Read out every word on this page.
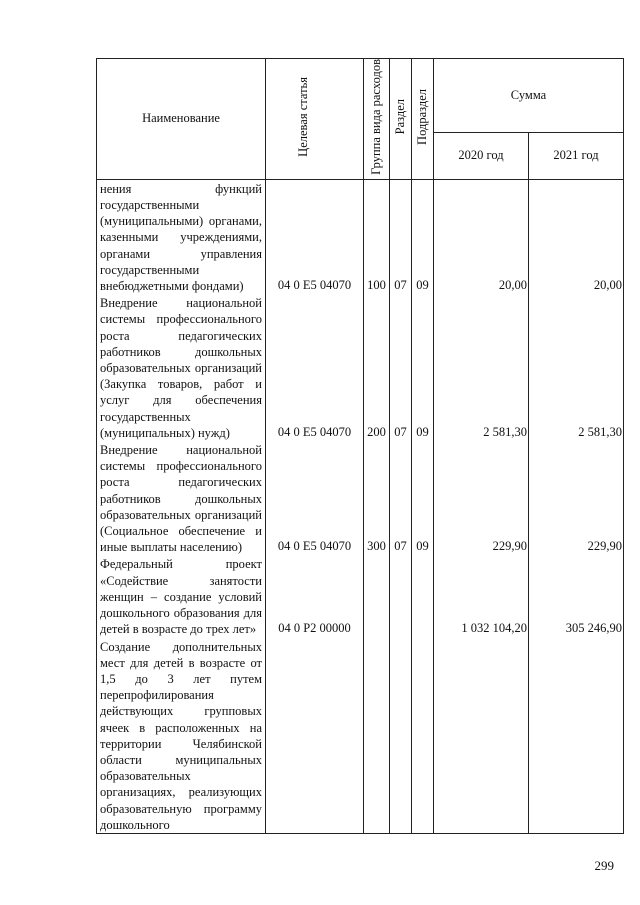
Наименование	Целевая статья	Группа вида расходов	Раздел	Подраздел	Сумма	
					2020 год	2021 год

нения функций государственными (муниципальными) органами, казенными учреждениями, органами управления государственными внебюджетными фондами)	04 0 E5 04070	100	07	09	20,00	20,00

Внедрение национальной системы профессионального роста педагогических работников дошкольных образовательных организаций (Закупка товаров, работ и услуг для обеспечения государственных (муниципальных) нужд)	04 0 E5 04070	200	07	09	2 581,30	2 581,30

Внедрение национальной системы профессионального роста педагогических работников дошкольных образовательных организаций (Социальное обеспечение и иные выплаты населению)	04 0 E5 04070	300	07	09	229,90	229,90

Федеральный проект «Содействие занятости женщин – создание условий дошкольного образования для детей в возрасте до трех лет»	04 0 P2 00000				1 032 104,20	305 246,90

Создание дополнительных мест для детей в возрасте от 1,5 до 3 лет путем перепрофилирования действующих групповых ячеек в расположенных на территории Челябинской области муниципальных образовательных организациях, реализующих образовательную программу дошкольного						

299
